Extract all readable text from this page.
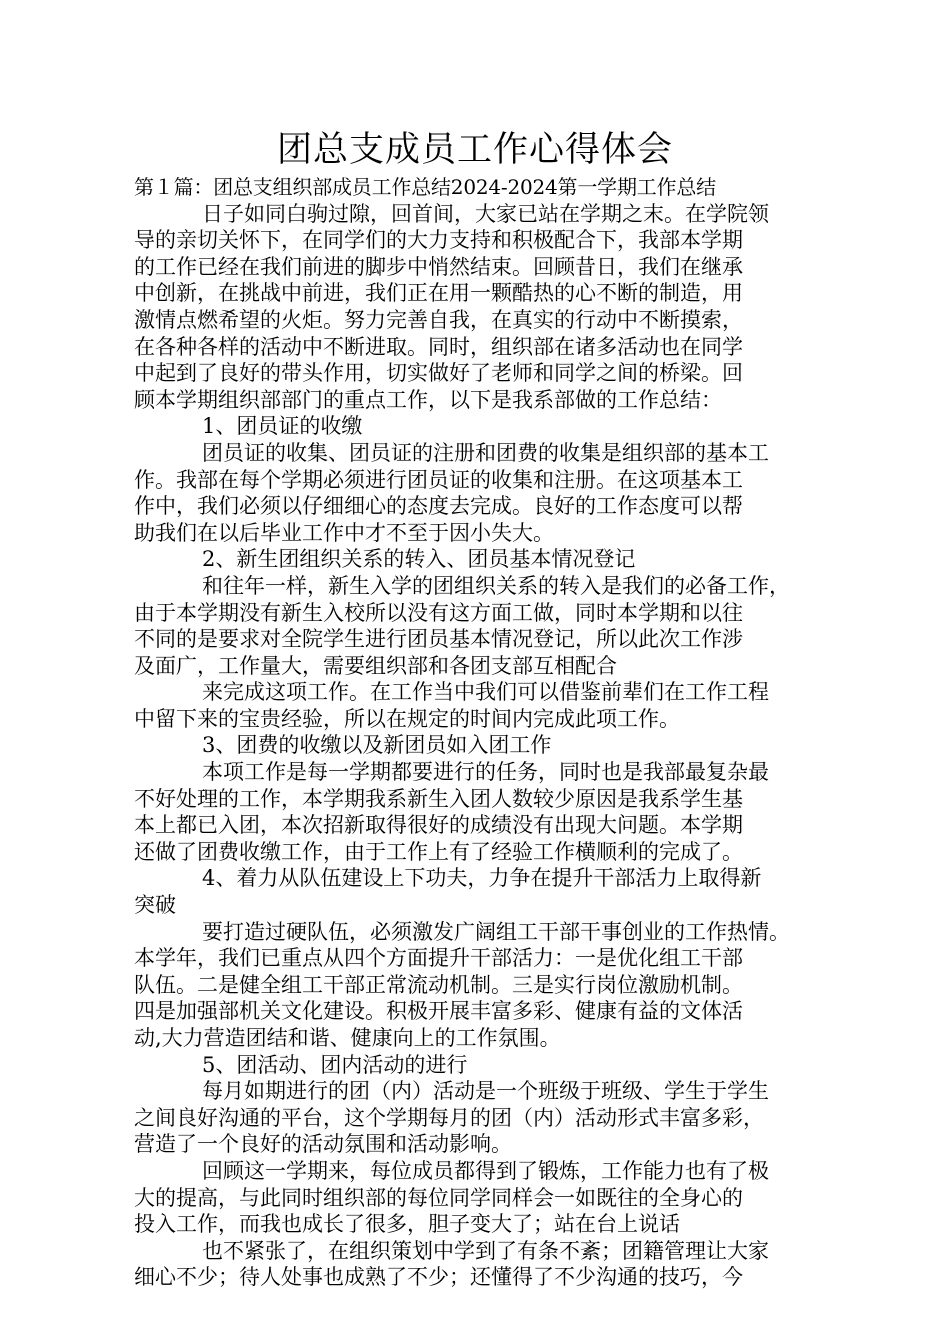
团总支成员工作心得体会
第１篇：团总支组织部成员工作总结2024-2024第一学期工作总结
日子如同白驹过隙，回首间，大家已站在学期之末。在学院领
导的亲切关怀下，在同学们的大力支持和积极配合下，我部本学期
的工作已经在我们前进的脚步中悄然结束。回顾昔日，我们在继承
中创新，在挑战中前进，我们正在用一颗酷热的心不断的制造，用
激情点燃希望的火炬。努力完善自我，在真实的行动中不断摸索，
在各种各样的活动中不断进取。同时，组织部在诸多活动也在同学
中起到了良好的带头作用，切实做好了老师和同学之间的桥梁。回
顾本学期组织部部门的重点工作，以下是我系部做的工作总结：
1、团员证的收缴
团员证的收集、团员证的注册和团费的收集是组织部的基本工
作。我部在每个学期必须进行团员证的收集和注册。在这项基本工
作中，我们必须以仔细细心的态度去完成。良好的工作态度可以帮
助我们在以后毕业工作中才不至于因小失大。
2、新生团组织关系的转入、团员基本情况登记
和往年一样，新生入学的团组织关系的转入是我们的必备工作，
由于本学期没有新生入校所以没有这方面工做，同时本学期和以往
不同的是要求对全院学生进行团员基本情况登记，所以此次工作涉
及面广，工作量大，需要组织部和各团支部互相配合
来完成这项工作。在工作当中我们可以借鉴前辈们在工作工程
中留下来的宝贵经验，所以在规定的时间内完成此项工作。
3、团费的收缴以及新团员如入团工作
本项工作是每一学期都要进行的任务，同时也是我部最复杂最
不好处理的工作，本学期我系新生入团人数较少原因是我系学生基
本上都已入团，本次招新取得很好的成绩没有出现大问题。本学期
还做了团费收缴工作，由于工作上有了经验工作横顺利的完成了。
4、着力从队伍建设上下功夫，力争在提升干部活力上取得新
突破
要打造过硬队伍，必须激发广阔组工干部干事创业的工作热情。
本学年，我们已重点从四个方面提升干部活力：一是优化组工干部
队伍。二是健全组工干部正常流动机制。三是实行岗位激励机制。
四是加强部机关文化建设。积极开展丰富多彩、健康有益的文体活
动,大力营造团结和谐、健康向上的工作氛围。
5、团活动、团内活动的进行
每月如期进行的团（内）活动是一个班级于班级、学生于学生
之间良好沟通的平台，这个学期每月的团（内）活动形式丰富多彩，
营造了一个良好的活动氛围和活动影响。
回顾这一学期来，每位成员都得到了锻炼，工作能力也有了极
大的提高，与此同时组织部的每位同学同样会一如既往的全身心的
投入工作，而我也成长了很多，胆子变大了；站在台上说话
也不紧张了，在组织策划中学到了有条不紊；团籍管理让大家
细心不少；待人处事也成熟了不少；还懂得了不少沟通的技巧，今
